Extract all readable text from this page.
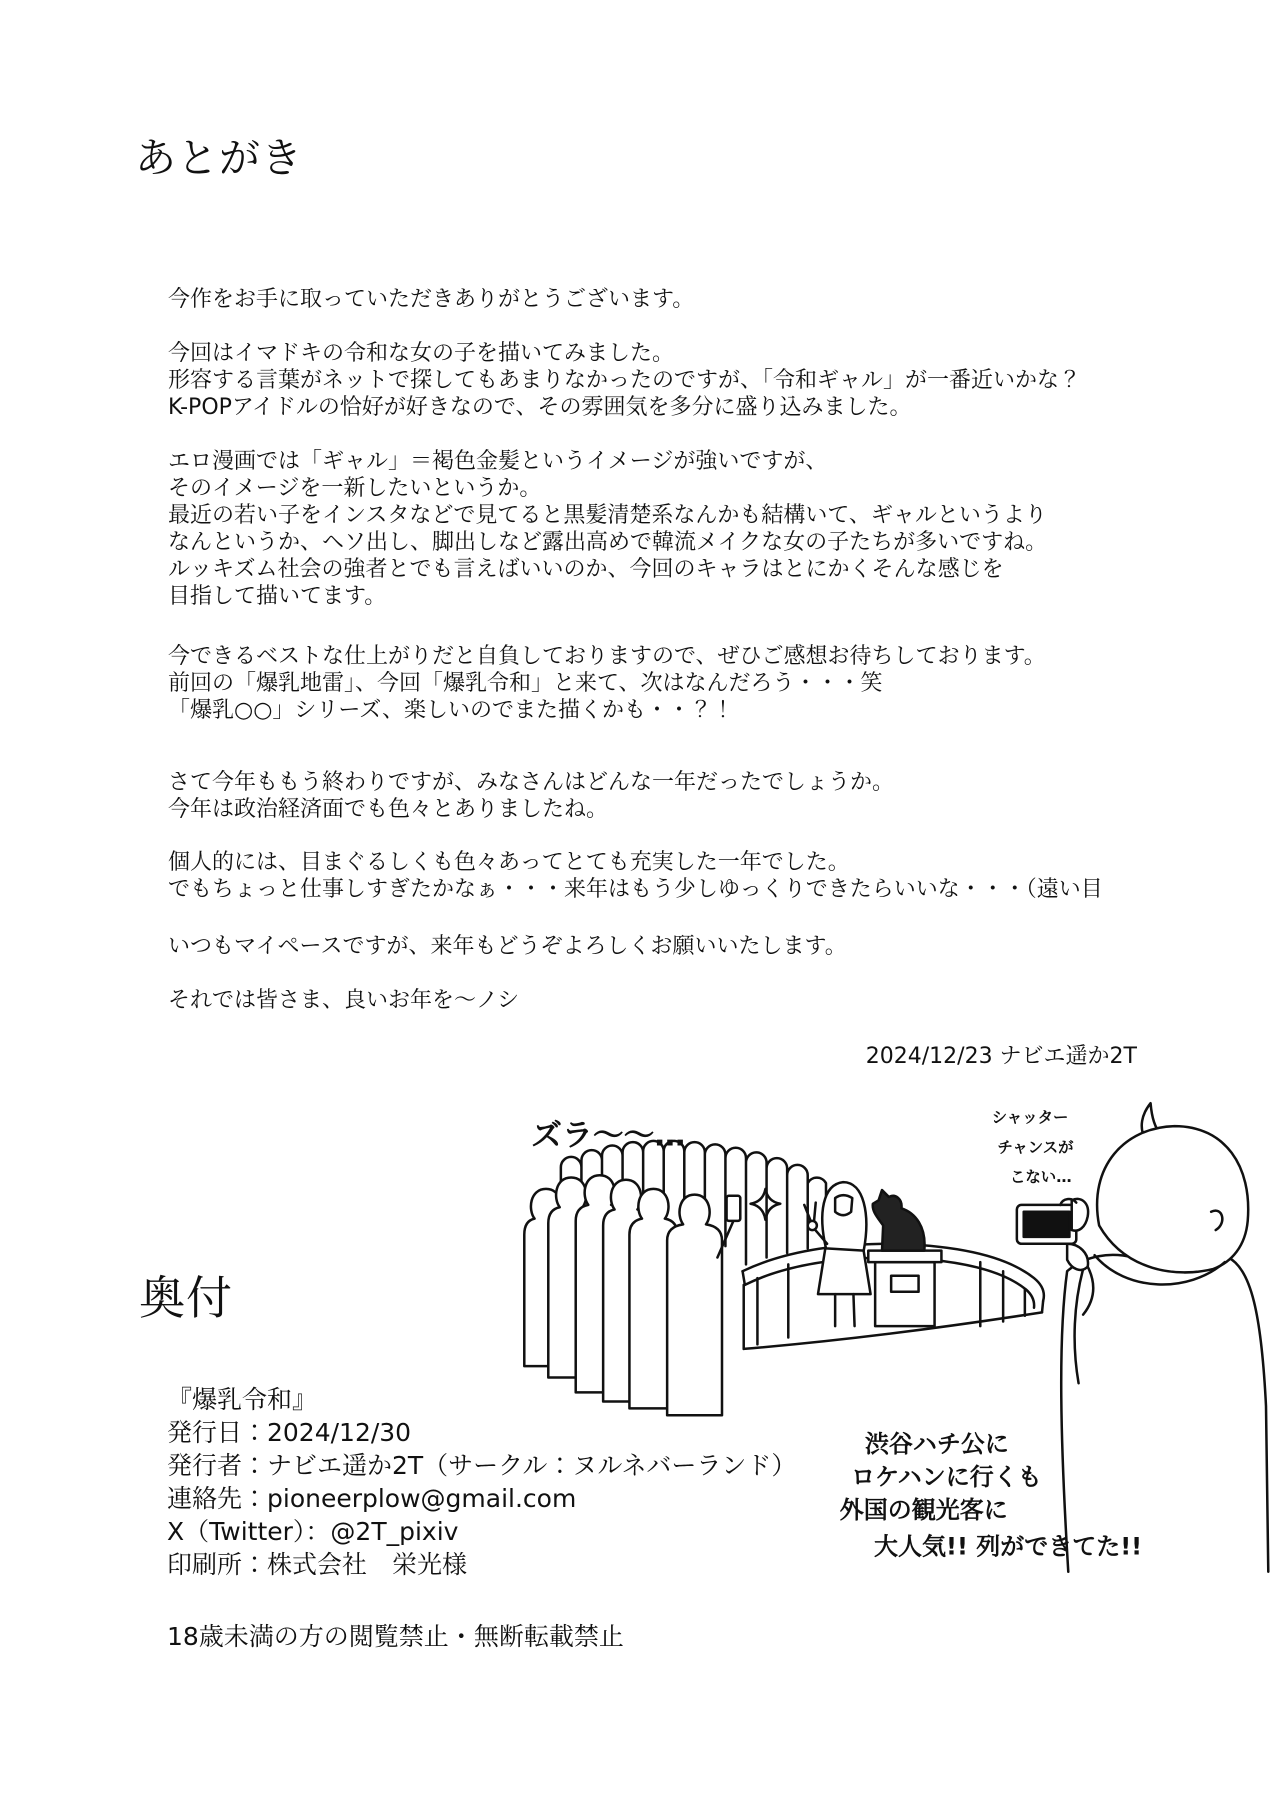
あとがき
今作をお手に取っていただきありがとうございます。
今回はイマドキの令和な女の子を描いてみました。
形容する言葉がネットで探してもあまりなかったのですが、「令和ギャル」が一番近いかな？
K-POPアイドルの恰好が好きなので、その雰囲気を多分に盛り込みました。
エロ漫画では「ギャル」＝褐色金髪というイメージが強いですが、
そのイメージを一新したいというか。
最近の若い子をインスタなどで見てると黒髪清楚系なんかも結構いて、ギャルというより
なんというか、ヘソ出し、脚出しなど露出高めで韓流メイクな女の子たちが多いですね。
ルッキズム社会の強者とでも言えばいいのか、今回のキャラはとにかくそんな感じを
目指して描いてます。
今できるベストな仕上がりだと自負しておりますので、ぜひご感想お待ちしております。
前回の「爆乳地雷」、今回「爆乳令和」と来て、次はなんだろう・・・笑
「爆乳○○」シリーズ、楽しいのでまた描くかも・・？！
さて今年ももう終わりですが、みなさんはどんな一年だったでしょうか。
今年は政治経済面でも色々とありましたね。
個人的には、目まぐるしくも色々あってとても充実した一年でした。
でもちょっと仕事しすぎたかなぁ・・・来年はもう少しゆっくりできたらいいな・・・（遠い目
いつもマイペースですが、来年もどうぞよろしくお願いいたします。
それでは皆さま、良いお年を～ノシ
2024/12/23 ナビエ遥か2T
ズラ〜〜…	シャッター
チャンスが
こない…
渋谷ハチ公に
ロケハンに行くも
外国の観光客に
大人気!! 列ができてた!!
奥付
『爆乳令和』
発行日：2024/12/30
発行者：ナビエ遥か2T（サークル：ヌルネバーランド）
連絡先：pioneerplow@gmail.com
X（Twitter）：@2T_pixiv
印刷所：株式会社　栄光様
18歳未満の方の閲覧禁止・無断転載禁止
